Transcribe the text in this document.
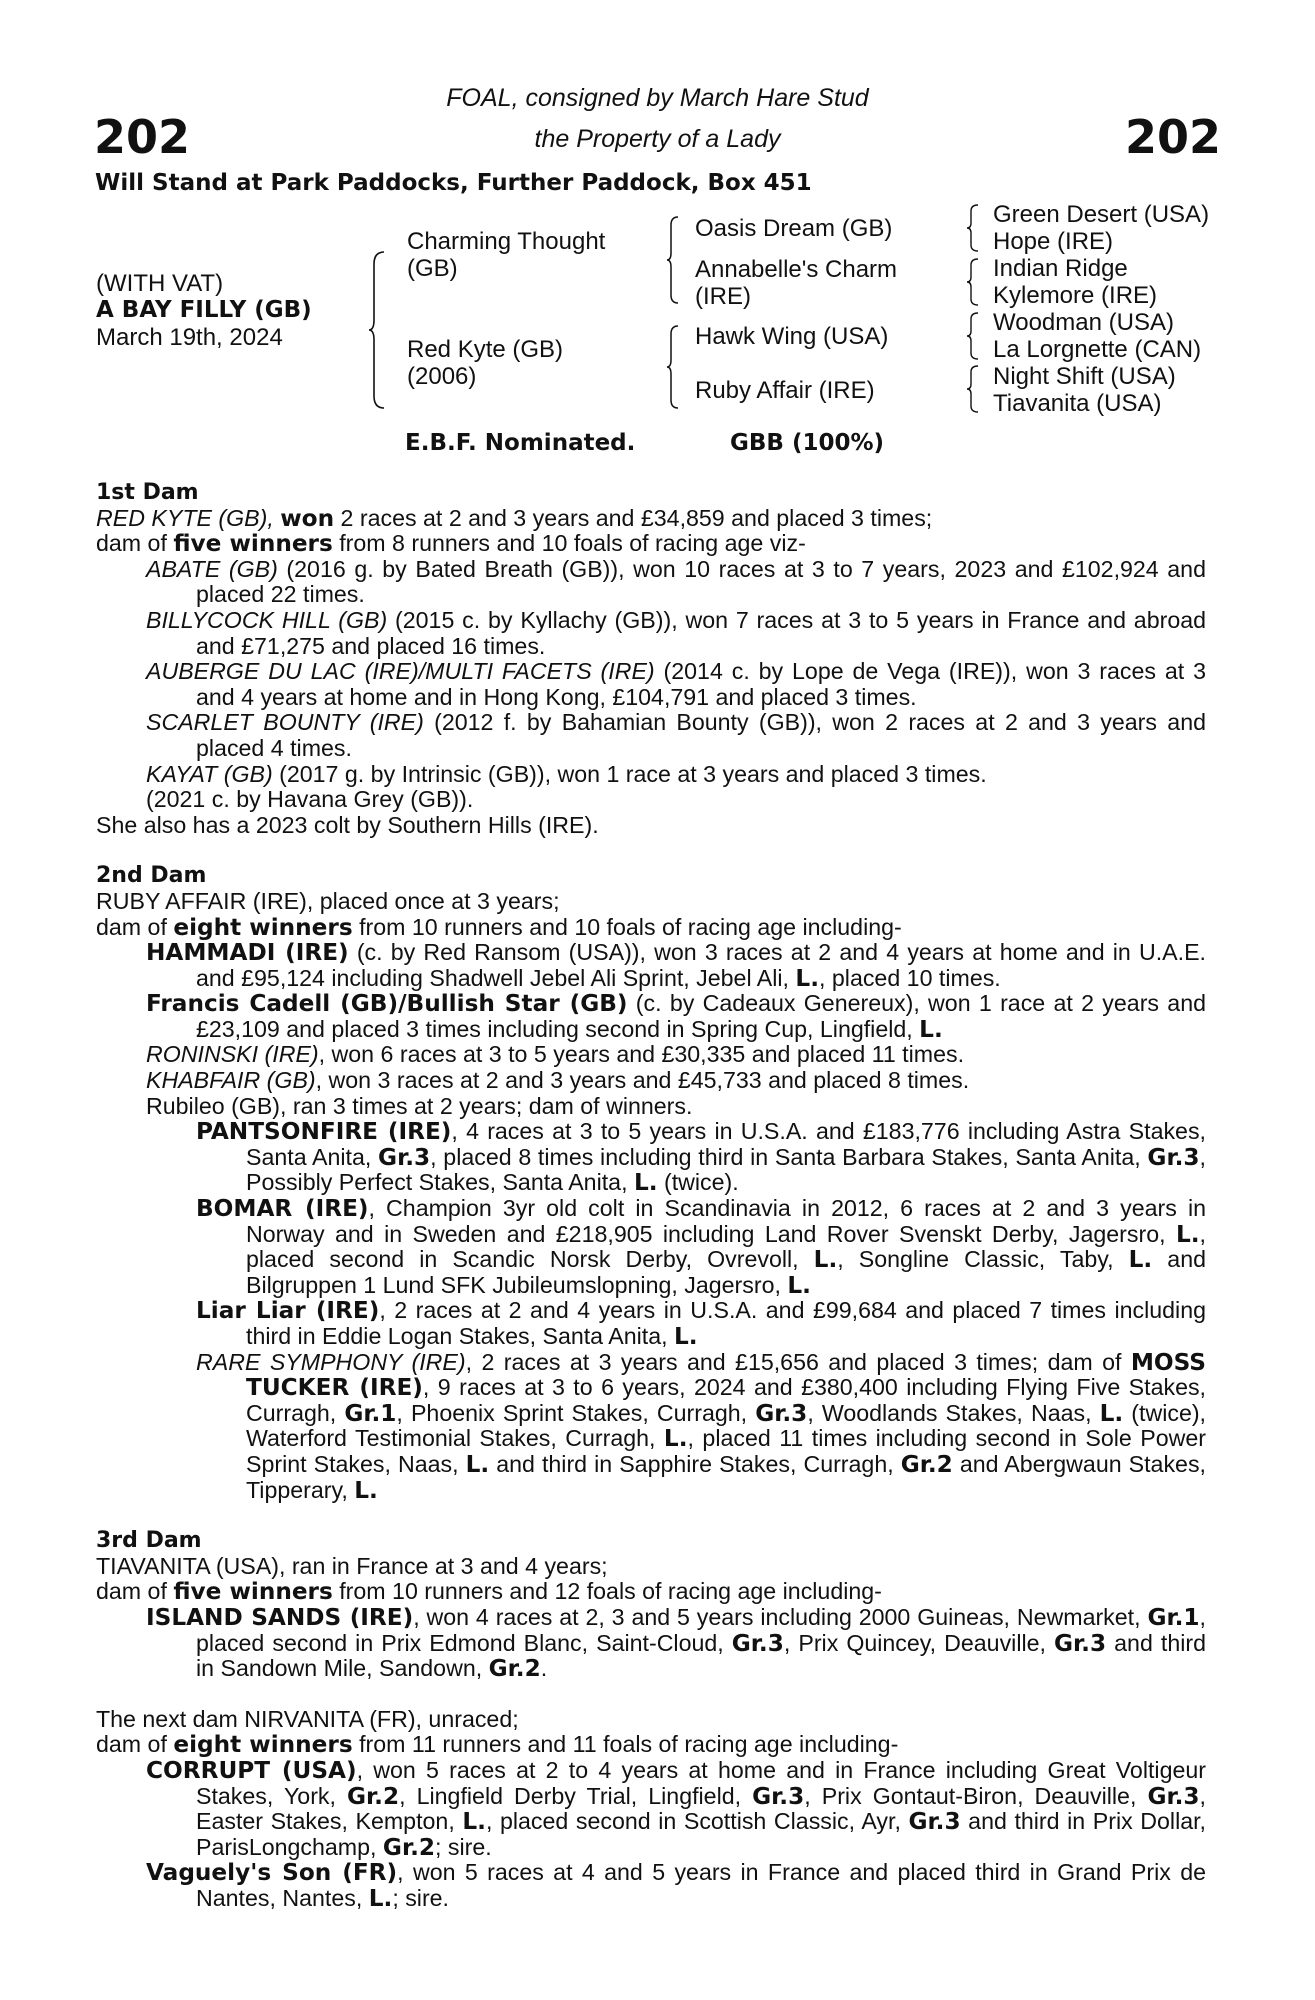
202	202
FOAL, consigned by March Hare Stud
the Property of a Lady
Will Stand at Park Paddocks, Further Paddock, Box 451
(WITH VAT)
A BAY FILLY (GB)
March 19th, 2024
Charming Thought
(GB)
Red Kyte (GB)
(2006)
Oasis Dream (GB)
Annabelle's Charm
(IRE)
Hawk Wing (USA)
Ruby Affair (IRE)
Green Desert (USA)
Hope (IRE)
Indian Ridge
Kylemore (IRE)
Woodman (USA)
La Lorgnette (CAN)
Night Shift (USA)
Tiavanita (USA)
E.B.F. Nominated.	GBB (100%)
1st Dam
RED KYTE (GB), won 2 races at 2 and 3 years and £34,859 and placed 3 times;
dam of five winners from 8 runners and 10 foals of racing age viz-
ABATE (GB) (2016 g. by Bated Breath (GB)), won 10 races at 3 to 7 years, 2023 and £102,924 and placed 22 times.
BILLYCOCK HILL (GB) (2015 c. by Kyllachy (GB)), won 7 races at 3 to 5 years in France and abroad and £71,275 and placed 16 times.
AUBERGE DU LAC (IRE)/MULTI FACETS (IRE) (2014 c. by Lope de Vega (IRE)), won 3 races at 3 and 4 years at home and in Hong Kong, £104,791 and placed 3 times.
SCARLET BOUNTY (IRE) (2012 f. by Bahamian Bounty (GB)), won 2 races at 2 and 3 years and placed 4 times.
KAYAT (GB) (2017 g. by Intrinsic (GB)), won 1 race at 3 years and placed 3 times.
(2021 c. by Havana Grey (GB)).
She also has a 2023 colt by Southern Hills (IRE).
2nd Dam
RUBY AFFAIR (IRE), placed once at 3 years;
dam of eight winners from 10 runners and 10 foals of racing age including-
HAMMADI (IRE) (c. by Red Ransom (USA)), won 3 races at 2 and 4 years at home and in U.A.E. and £95,124 including Shadwell Jebel Ali Sprint, Jebel Ali, L., placed 10 times.
Francis Cadell (GB)/Bullish Star (GB) (c. by Cadeaux Genereux), won 1 race at 2 years and £23,109 and placed 3 times including second in Spring Cup, Lingfield, L.
RONINSKI (IRE), won 6 races at 3 to 5 years and £30,335 and placed 11 times.
KHABFAIR (GB), won 3 races at 2 and 3 years and £45,733 and placed 8 times.
Rubileo (GB), ran 3 times at 2 years; dam of winners.
PANTSONFIRE (IRE), 4 races at 3 to 5 years in U.S.A. and £183,776 including Astra Stakes, Santa Anita, Gr.3, placed 8 times including third in Santa Barbara Stakes, Santa Anita, Gr.3, Possibly Perfect Stakes, Santa Anita, L. (twice).
BOMAR (IRE), Champion 3yr old colt in Scandinavia in 2012, 6 races at 2 and 3 years in Norway and in Sweden and £218,905 including Land Rover Svenskt Derby, Jagersro, L., placed second in Scandic Norsk Derby, Ovrevoll, L., Songline Classic, Taby, L. and Bilgruppen 1 Lund SFK Jubileumslopning, Jagersro, L.
Liar Liar (IRE), 2 races at 2 and 4 years in U.S.A. and £99,684 and placed 7 times including third in Eddie Logan Stakes, Santa Anita, L.
RARE SYMPHONY (IRE), 2 races at 3 years and £15,656 and placed 3 times; dam of MOSS TUCKER (IRE), 9 races at 3 to 6 years, 2024 and £380,400 including Flying Five Stakes, Curragh, Gr.1, Phoenix Sprint Stakes, Curragh, Gr.3, Woodlands Stakes, Naas, L. (twice), Waterford Testimonial Stakes, Curragh, L., placed 11 times including second in Sole Power Sprint Stakes, Naas, L. and third in Sapphire Stakes, Curragh, Gr.2 and Abergwaun Stakes, Tipperary, L.
3rd Dam
TIAVANITA (USA), ran in France at 3 and 4 years;
dam of five winners from 10 runners and 12 foals of racing age including-
ISLAND SANDS (IRE), won 4 races at 2, 3 and 5 years including 2000 Guineas, Newmarket, Gr.1, placed second in Prix Edmond Blanc, Saint-Cloud, Gr.3, Prix Quincey, Deauville, Gr.3 and third in Sandown Mile, Sandown, Gr.2.
The next dam NIRVANITA (FR), unraced;
dam of eight winners from 11 runners and 11 foals of racing age including-
CORRUPT (USA), won 5 races at 2 to 4 years at home and in France including Great Voltigeur Stakes, York, Gr.2, Lingfield Derby Trial, Lingfield, Gr.3, Prix Gontaut-Biron, Deauville, Gr.3, Easter Stakes, Kempton, L., placed second in Scottish Classic, Ayr, Gr.3 and third in Prix Dollar, ParisLongchamp, Gr.2; sire.
Vaguely's Son (FR), won 5 races at 4 and 5 years in France and placed third in Grand Prix de Nantes, Nantes, L.; sire.
